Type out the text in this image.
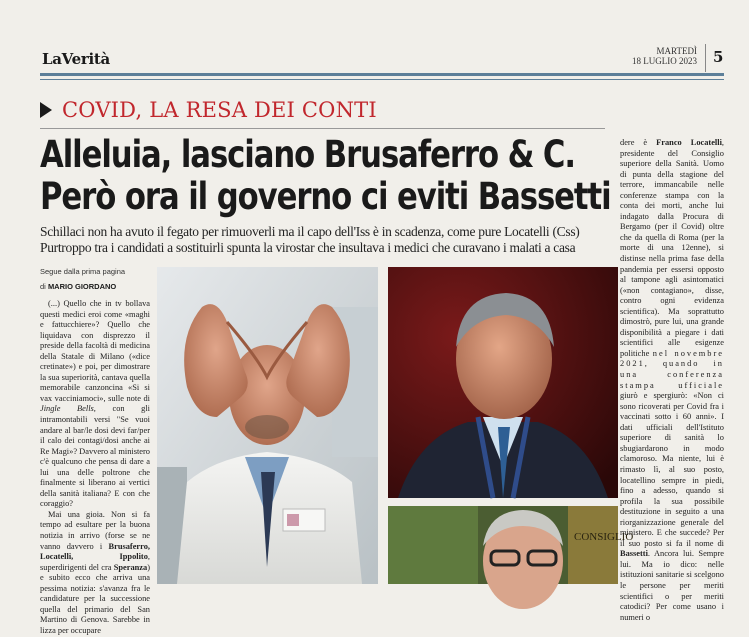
LaVerità	MARTEDÌ
18 LUGLIO 2023 5
COVID, LA RESA DEI CONTI
Alleluia, lasciano Brusaferro & C.
Però ora il governo ci eviti Bassetti
Schillaci non ha avuto il fegato per rimuoverli ma il capo dell'Iss è in scadenza, come pure Locatelli (Css)
Purtroppo tra i candidati a sostituirli spunta la virostar che insultava i medici che curavano i malati a casa
Segue dalla prima pagina
di MARIO GIORDANO

(...) Quello che in tv bollava questi medici eroi come «maghi e fattucchiere»? Quello che liquidava con disprezzo il preside della facoltà di medicina della Statale di Milano («dice cretinate») e poi, per dimostrare la sua superiorità, cantava quella memorabile canzoncina «Si si vax vacciniamoci», sulle note di Jingle Bells, con gli intramontabili versi "Se vuoi andare al bar/le dosi devi far/per il calo dei contagi/dosi anche ai Re Magi»? Davvero al ministero c'è qualcuno che pensa di dare a lui una delle poltrone che finalmente si liberano ai vertici della sanità italiana? E con che coraggio?

Mai una gioia. Non si fa tempo ad esultare per la buona notizia in arrivo (forse se ne vanno davvero i Brusaferro, Locatelli, Ippolito, superdirigenti del cra Speranza) e subito ecco che arriva una pessima notizia: s'avanza fra le candidature per la successione quella del primario del San Martino di Genova. Sarebbe in lizza per occupare

CONSIGLIO
dere è Franco Locatelli, presidente del Consiglio superiore della Sanità. Uomo di punta della stagione del terrore, immancabile nelle conferenze stampa con la conta dei morti, anche lui indagato dalla Procura di Bergamo (per il Covid) oltre che da quella di Roma (per la morte di una 12enne), si distinse nella prima fase della pandemia per essersi opposto al tampone agli asintomatici («non contagiano», disse, contro ogni evidenza scientifica). Ma soprattutto dimostrò, pure lui, una grande disponibilità a piegare i dati scientifici alle esigenze politiche nel novembre 2021, quando in una conferenza stampa ufficiale giurò e spergiurò: «Non ci sono ricoverati per Covid fra i vaccinati sotto i 60 anni». I dati ufficiali dell'Istituto superiore di sanità lo sbugiardarono in modo clamoroso. Ma niente, lui è rimasto lì, al suo posto, locatellino sempre in piedi, fino a adesso, quando si profila la sua possibile destituzione in seguito a una riorganizzazione generale del ministero. E che succede? Per il suo posto si fa il nome di Bassetti. Ancora lui. Sempre lui. Ma io dico: nelle istituzioni sanitarie si scelgono le persone per meriti scientifici o per meriti catodici? Per come usano i numeri o
